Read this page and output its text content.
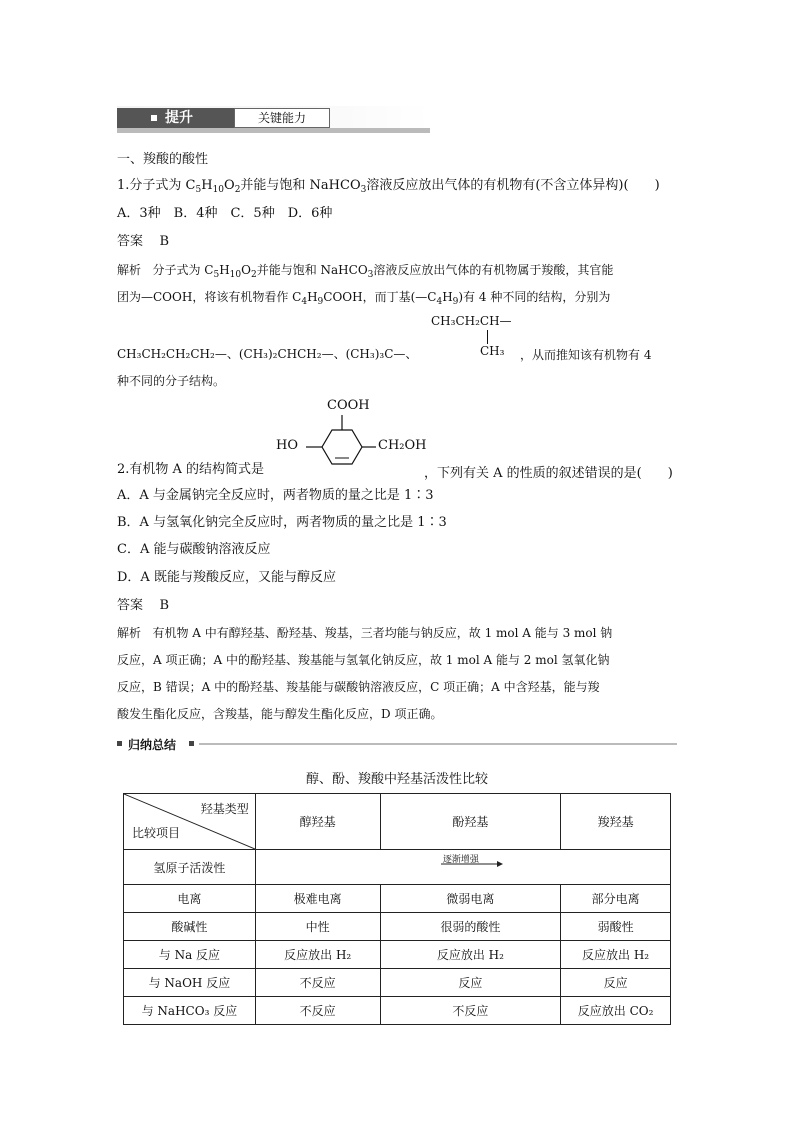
提升	关键能力
一、羧酸的酸性
1.分子式为 $C_5H_{10}O_2$并能与饱和 NaHCO$_3$溶液反应放出气体的有机物有(不含立体异构)(　　)
A．3种　B．4种　C．5种　D．6种
答案 B
解析 分子式为 $C_5H_{10}O_2$并能与饱和 NaHCO$_3$溶液反应放出气体的有机物属于羧酸，其官能
团为—COOH，将该有机物看作 $C_4H_9COOH$，而丁基$(—C_4H_9)$有 4 种不同的结构，分别为
CH₃CH₂CH—
CH₃
CH₃CH₂CH₂CH₂—、(CH₃)₂CHCH₂—、(CH₃)₃C—、	，从而推知该有机物有 4
种不同的分子结构。
COOH
HO	CH₂OH
2.有机物 A 的结构简式是	，下列有关 A 的性质的叙述错误的是(　　)
A．A 与金属钠完全反应时，两者物质的量之比是 1∶3
B．A 与氢氧化钠完全反应时，两者物质的量之比是 1∶3
C．A 能与碳酸钠溶液反应
D．A 既能与羧酸反应，又能与醇反应
答案 B
解析 有机物 A 中有醇羟基、酚羟基、羧基，三者均能与钠反应，故 1 mol A 能与 3 mol 钠
反应，A 项正确；A 中的酚羟基、羧基能与氢氧化钠反应，故 1 mol A 能与 2 mol 氢氧化钠
反应，B 错误；A 中的酚羟基、羧基能与碳酸钠溶液反应，C 项正确；A 中含羟基，能与羧
酸发生酯化反应，含羧基，能与醇发生酯化反应，D 项正确。
归纳总结
醇、酚、羧酸中羟基活泼性比较
羟基类型
比较项目	醇羟基	酚羟基	羧羟基
氢原子活泼性	逐渐增强		

电离	极难电离	微弱电离	部分电离
酸碱性	中性	很弱的酸性	弱酸性
与 Na 反应	反应放出 H₂	反应放出 H₂	反应放出 H₂
与 NaOH 反应	不反应	反应	反应
与 NaHCO₃ 反应	不反应	不反应	反应放出 CO₂
